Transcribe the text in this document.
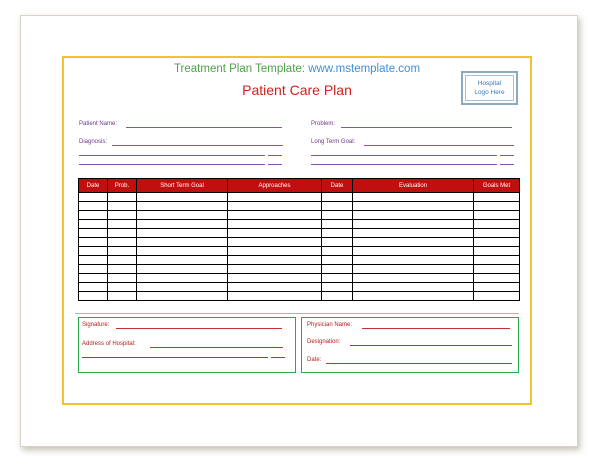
Treatment Plan Template: www.mstemplate.com
Patient Care Plan	Hospital
Logo Here
Patient Name:	Problem:
Diagnosis:	Long Term Goal:
Date	Prob.	Short Term Goal	Approaches	Date	Evaluation	Goals Met

Signature:
Address of Hospital:
Physician Name:
Designation:
Date:
